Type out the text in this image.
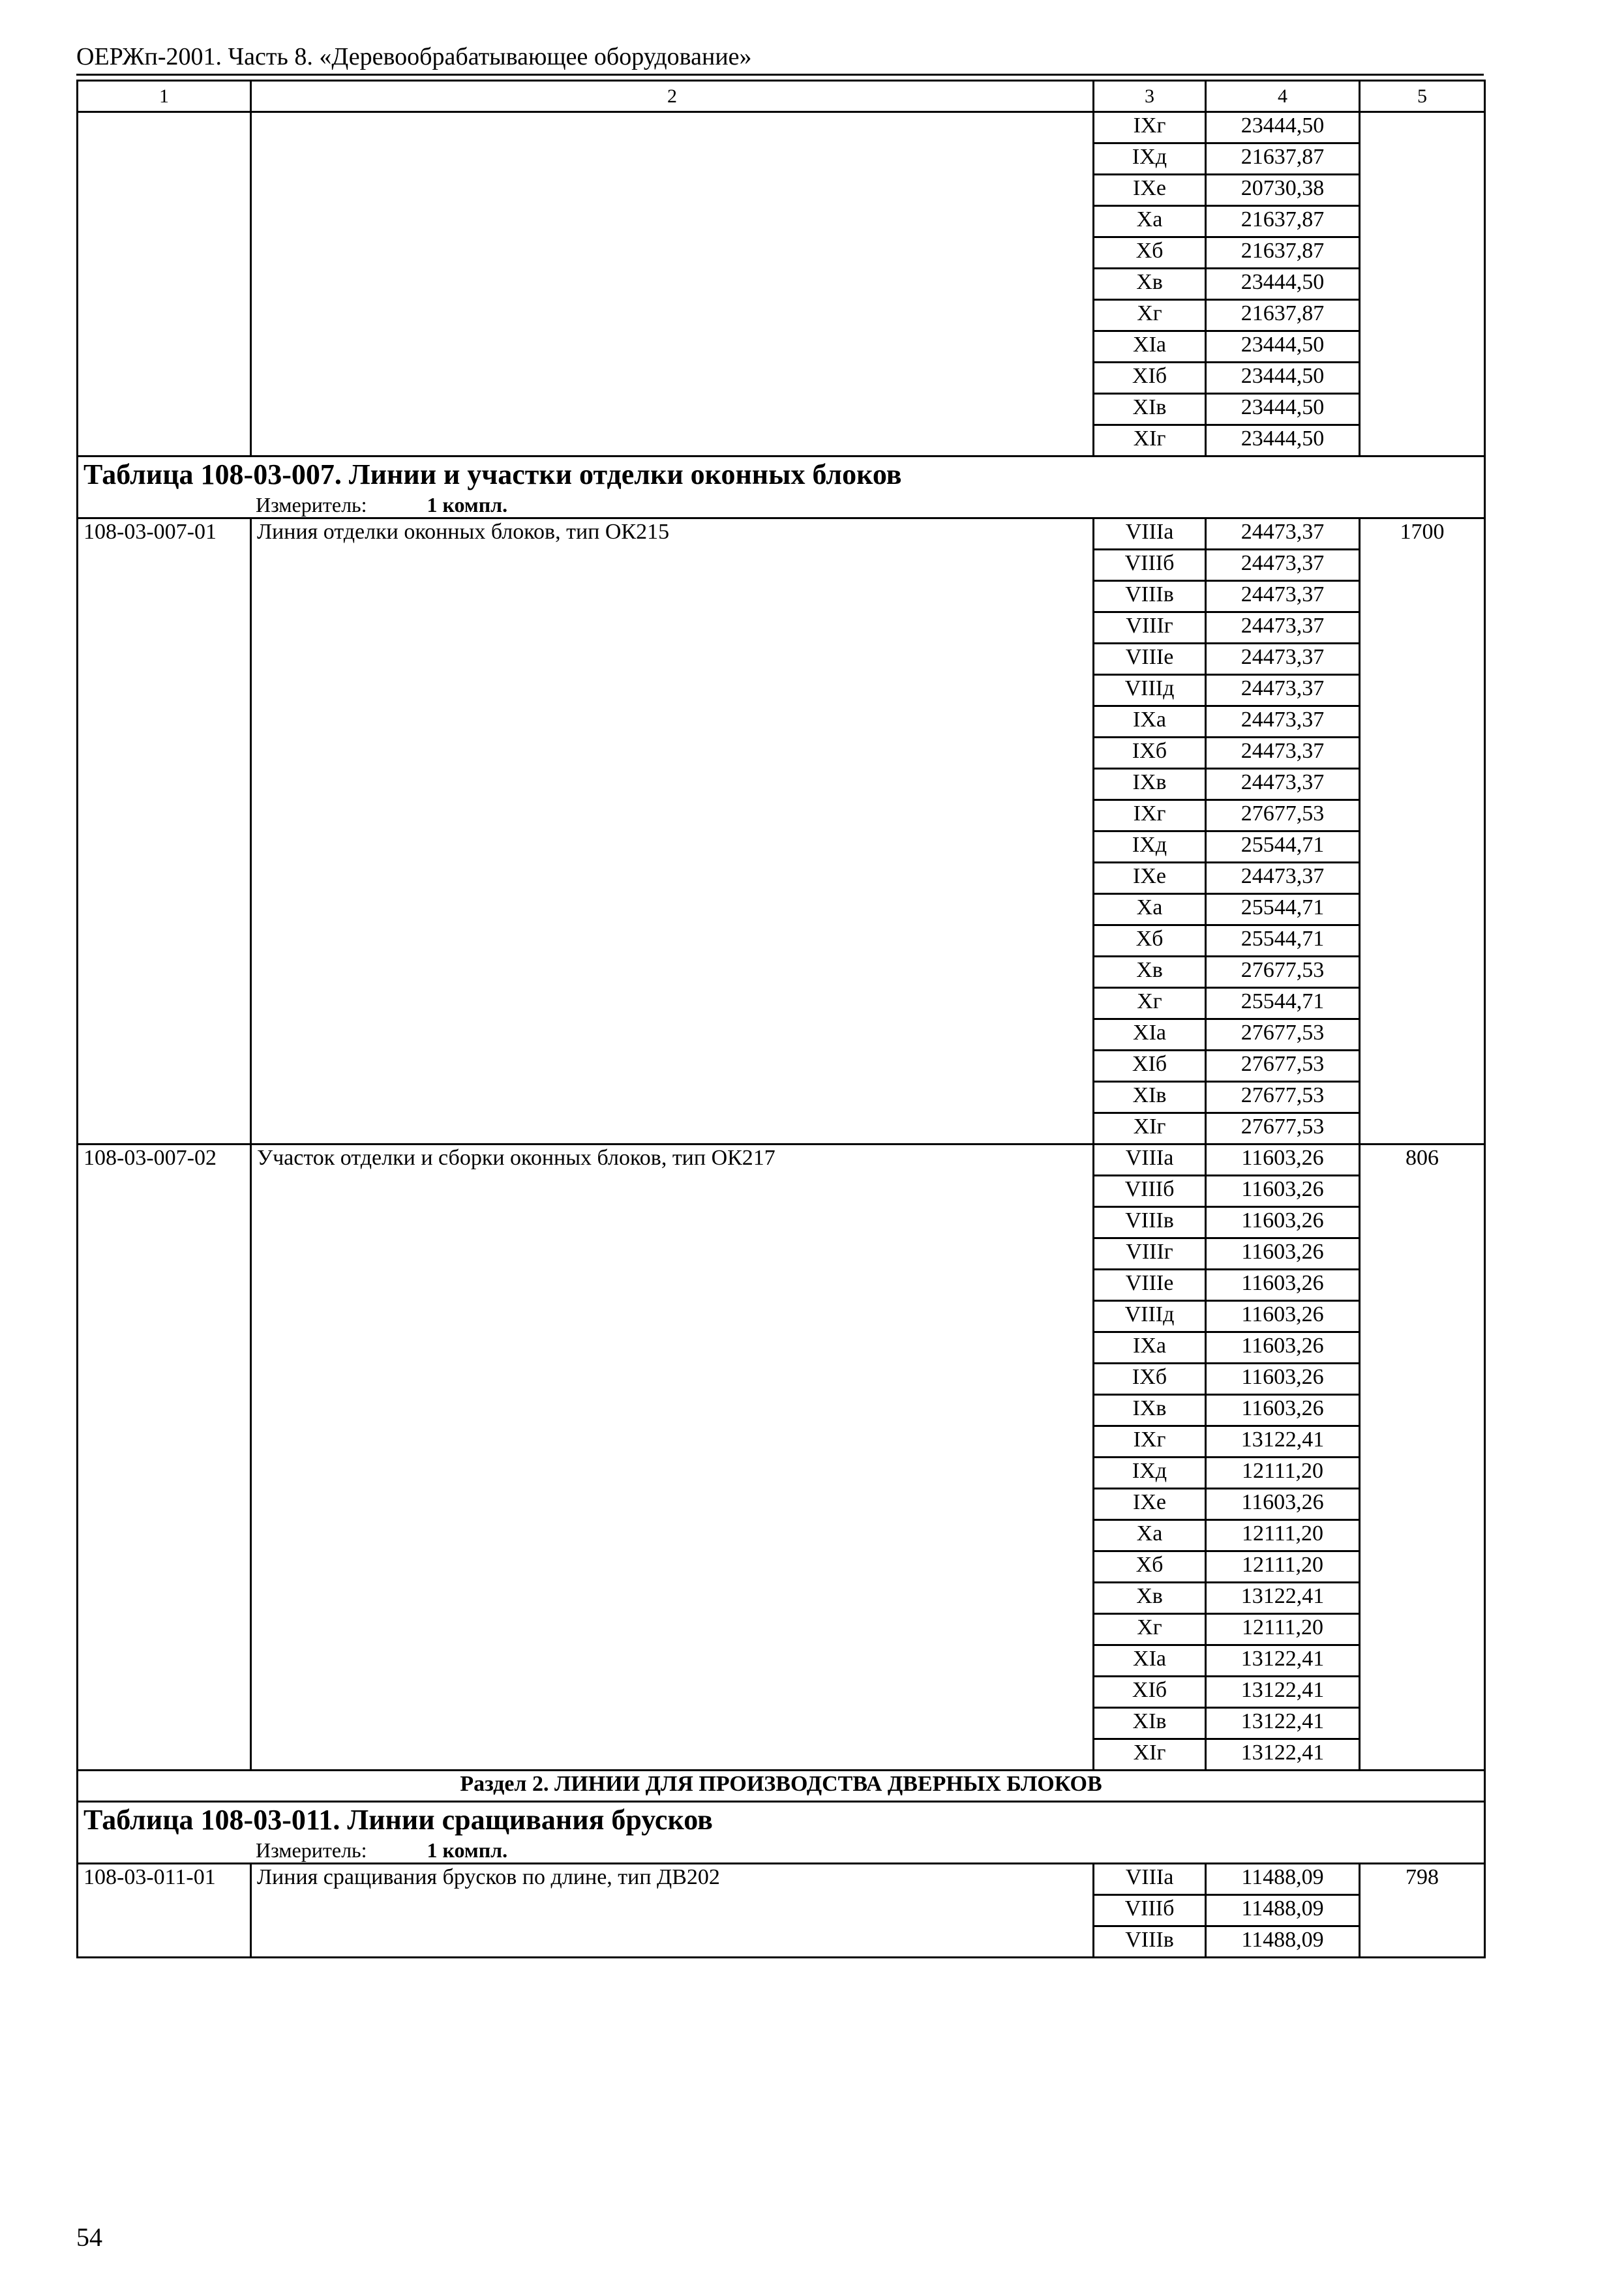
ОЕРЖп-2001. Часть 8. «Деревообрабатывающее оборудование»
1	2	3	4	5
		IXг	23444,50	
		IXд	21637,87	
		IXе	20730,38	
		Xа	21637,87	
		Xб	21637,87	
		Xв	23444,50	
		Xг	21637,87	
		XIа	23444,50	
		XIб	23444,50	
		XIв	23444,50	
		XIг	23444,50	

Таблица 108-03-007. Линии и участки отделки оконных блоков
Измеритель: 1 компл.				

108-03-007-01	Линия отделки оконных блоков, тип ОК215	VIIIа	24473,37	1700
		VIIIб	24473,37	
		VIIIв	24473,37	
		VIIIг	24473,37	
		VIIIе	24473,37	
		VIIIд	24473,37	
		IXа	24473,37	
		IXб	24473,37	
		IXв	24473,37	
		IXг	27677,53	
		IXд	25544,71	
		IXе	24473,37	
		Xа	25544,71	
		Xб	25544,71	
		Xв	27677,53	
		Xг	25544,71	
		XIа	27677,53	
		XIб	27677,53	
		XIв	27677,53	
		XIг	27677,53	
108-03-007-02	Участок отделки и сборки оконных блоков, тип ОК217	VIIIа	11603,26	806
		VIIIб	11603,26	
		VIIIв	11603,26	
		VIIIг	11603,26	
		VIIIе	11603,26	
		VIIIд	11603,26	
		IXа	11603,26	
		IXб	11603,26	
		IXв	11603,26	
		IXг	13122,41	
		IXд	12111,20	
		IXе	11603,26	
		Xа	12111,20	
		Xб	12111,20	
		Xв	13122,41	
		Xг	12111,20	
		XIа	13122,41	
		XIб	13122,41	
		XIв	13122,41	
		XIг	13122,41	
Раздел 2. ЛИНИИ ДЛЯ ПРОИЗВОДСТВА ДВЕРНЫХ БЛОКОВ				

Таблица 108-03-011. Линии сращивания брусков
Измеритель: 1 компл.				

108-03-011-01	Линия сращивания брусков по длине, тип ДВ202	VIIIа	11488,09	798
		VIIIб	11488,09	
		VIIIв	11488,09	
54
